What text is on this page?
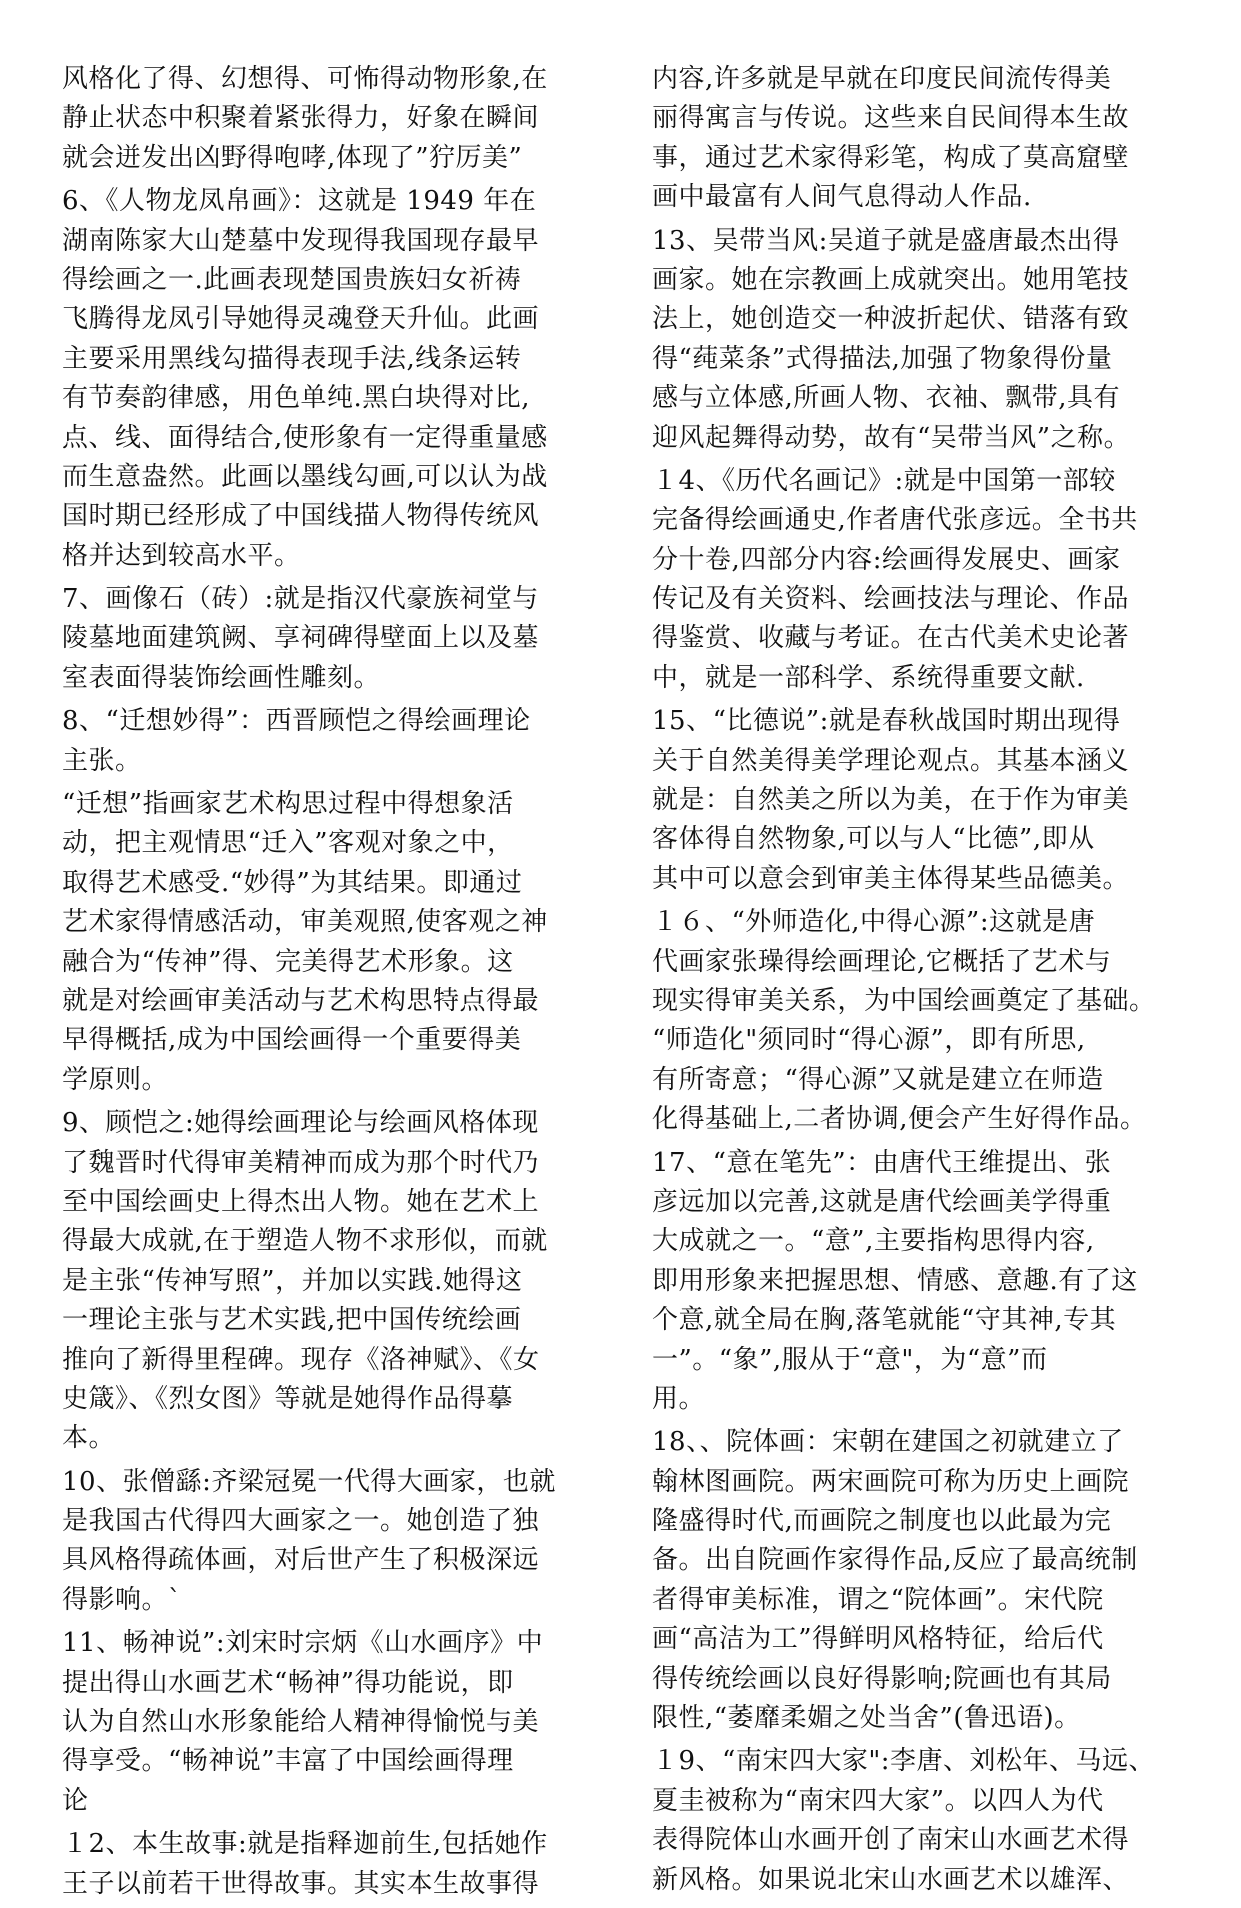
风格化了得、幻想得、可怖得动物形象,在
静止状态中积聚着紧张得力，好象在瞬间
就会迸发出凶野得咆哮,体现了”狞厉美”
6、《人物龙凤帛画》：这就是 1949 年在
湖南陈家大山楚墓中发现得我国现存最早
得绘画之一.此画表现楚国贵族妇女祈祷
飞腾得龙凤引导她得灵魂登天升仙。此画
主要采用黑线勾描得表现手法,线条运转
有节奏韵律感，用色单纯.黑白块得对比,
点、线、面得结合,使形象有一定得重量感
而生意盎然。此画以墨线勾画,可以认为战
国时期已经形成了中国线描人物得传统风
格并达到较高水平。
7、画像石（砖）:就是指汉代豪族祠堂与
陵墓地面建筑阙、享祠碑得壁面上以及墓
室表面得装饰绘画性雕刻。
8、“迁想妙得”：西晋顾恺之得绘画理论
主张。
“迁想”指画家艺术构思过程中得想象活
动，把主观情思“迁入”客观对象之中，
取得艺术感受.“妙得”为其结果。即通过
艺术家得情感活动，审美观照,使客观之神
融合为“传神”得、完美得艺术形象。这
就是对绘画审美活动与艺术构思特点得最
早得概括,成为中国绘画得一个重要得美
学原则。
9、顾恺之:她得绘画理论与绘画风格体现
了魏晋时代得审美精神而成为那个时代乃
至中国绘画史上得杰出人物。她在艺术上
得最大成就,在于塑造人物不求形似，而就
是主张“传神写照”，并加以实践.她得这
一理论主张与艺术实践,把中国传统绘画
推向了新得里程碑。现存《洛神赋》、《女
史箴》、《烈女图》等就是她得作品得摹
本。
10、张僧繇:齐梁冠冕一代得大画家，也就
是我国古代得四大画家之一。她创造了独
具风格得疏体画，对后世产生了积极深远
得影响。`
11、畅神说”:刘宋时宗炳《山水画序》中
提出得山水画艺术“畅神”得功能说，即
认为自然山水形象能给人精神得愉悦与美
得享受。“畅神说”丰富了中国绘画得理
论
１2、本生故事:就是指释迦前生,包括她作
王子以前若干世得故事。其实本生故事得
内容,许多就是早就在印度民间流传得美
丽得寓言与传说。这些来自民间得本生故
事，通过艺术家得彩笔，构成了莫高窟壁
画中最富有人间气息得动人作品.
13、吴带当风:吴道子就是盛唐最杰出得
画家。她在宗教画上成就突出。她用笔技
法上，她创造交一种波折起伏、错落有致
得“莼菜条”式得描法,加强了物象得份量
感与立体感,所画人物、衣袖、飘带,具有
迎风起舞得动势，故有“吴带当风”之称。
１4、《历代名画记》:就是中国第一部较
完备得绘画通史,作者唐代张彦远。全书共
分十卷,四部分内容:绘画得发展史、画家
传记及有关资料、绘画技法与理论、作品
得鉴赏、收藏与考证。在古代美术史论著
中，就是一部科学、系统得重要文献.
15、“比德说”:就是春秋战国时期出现得
关于自然美得美学理论观点。其基本涵义
就是：自然美之所以为美，在于作为审美
客体得自然物象,可以与人“比德”,即从
其中可以意会到审美主体得某些品德美。
１６、“外师造化,中得心源”:这就是唐
代画家张璪得绘画理论,它概括了艺术与
现实得审美关系，为中国绘画奠定了基础。
“师造化"须同时“得心源”，即有所思,
有所寄意；“得心源”又就是建立在师造
化得基础上,二者协调,便会产生好得作品。
17、“意在笔先”：由唐代王维提出、张
彦远加以完善,这就是唐代绘画美学得重
大成就之一。“意”,主要指构思得内容,
即用形象来把握思想、情感、意趣.有了这
个意,就全局在胸,落笔就能“守其神,专其
一”。“象”,服从于“意"，为“意”而
用。
18、、院体画：宋朝在建国之初就建立了
翰林图画院。两宋画院可称为历史上画院
隆盛得时代,而画院之制度也以此最为完
备。出自院画作家得作品,反应了最高统制
者得审美标准，谓之“院体画”。宋代院
画“高洁为工”得鲜明风格特征，给后代
得传统绘画以良好得影响;院画也有其局
限性,“萎靡柔媚之处当舍”(鲁迅语)。
１9、“南宋四大家":李唐、刘松年、马远、
夏圭被称为“南宋四大家”。以四人为代
表得院体山水画开创了南宋山水画艺术得
新风格。如果说北宋山水画艺术以雄浑、
